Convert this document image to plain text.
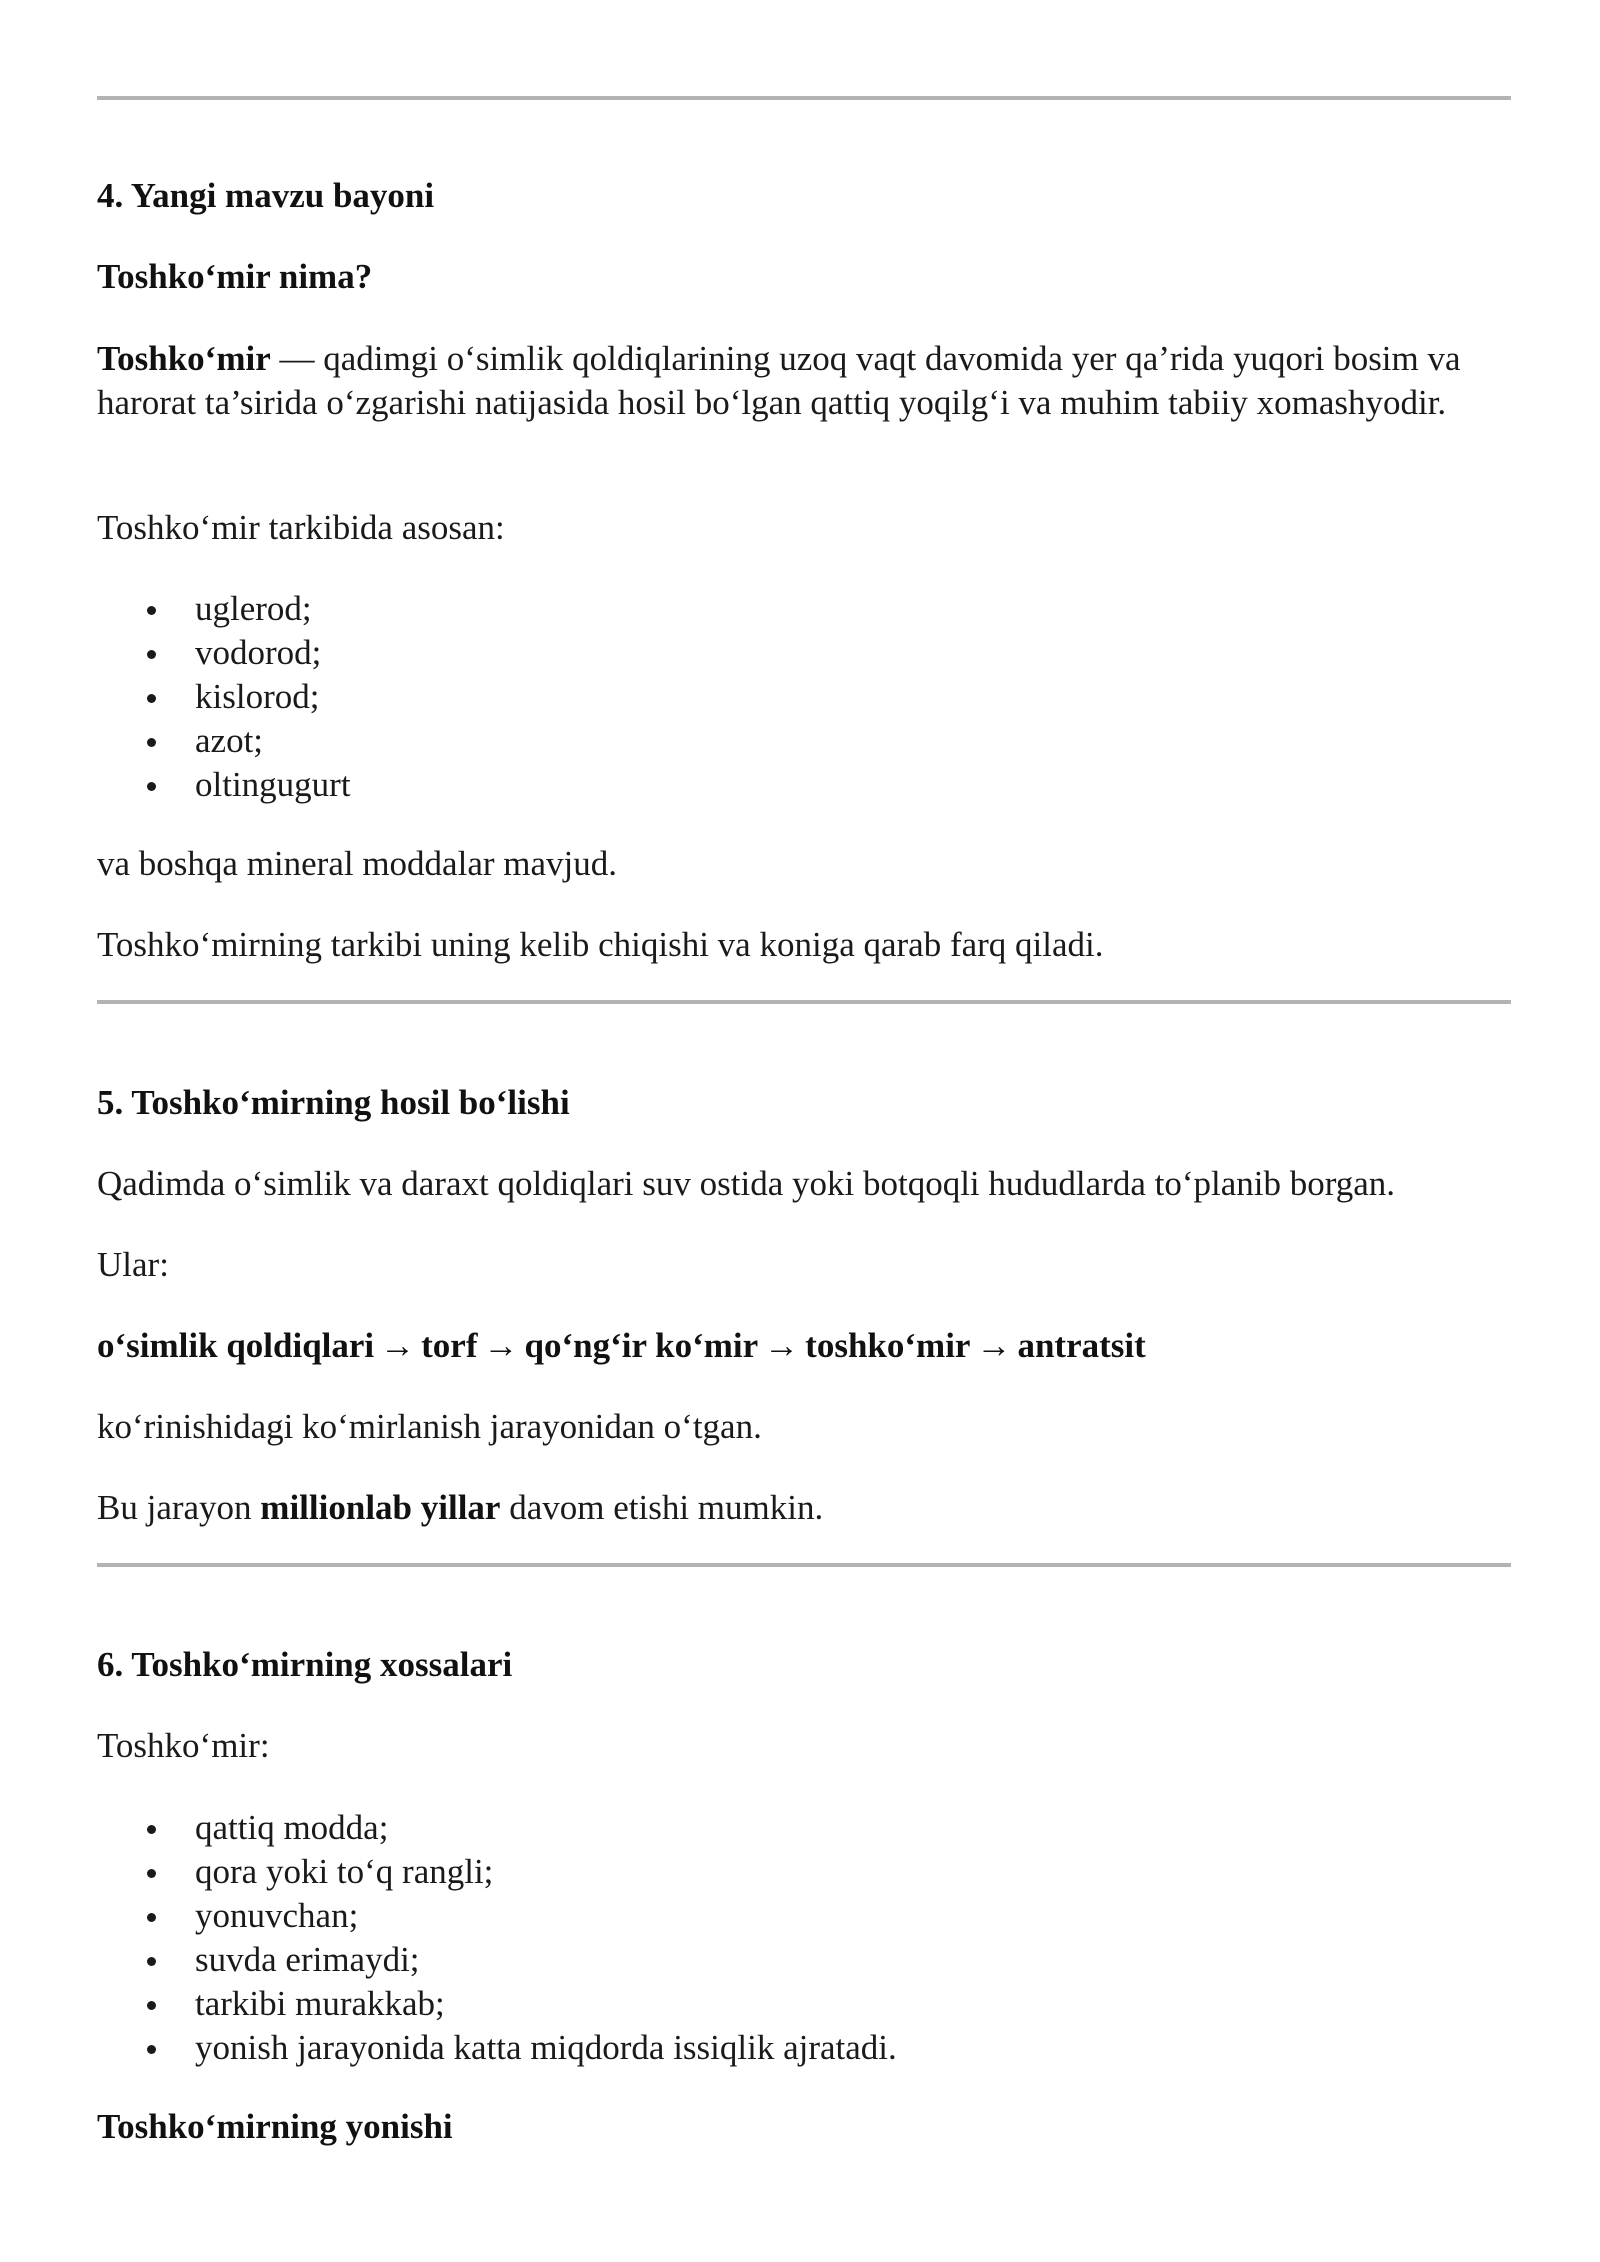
4. Yangi mavzu bayoni
Toshko‘mir nima?
Toshko‘mir — qadimgi o‘simlik qoldiqlarining uzoq vaqt davomida yer qa’rida yuqori bosim va harorat ta’sirida o‘zgarishi natijasida hosil bo‘lgan qattiq yoqilg‘i va muhim tabiiy xomashyodir.
Toshko‘mir tarkibida asosan:
uglerod;
vodorod;
kislorod;
azot;
oltingugurt
va boshqa mineral moddalar mavjud.
Toshko‘mirning tarkibi uning kelib chiqishi va koniga qarab farq qiladi.
5. Toshko‘mirning hosil bo‘lishi
Qadimda o‘simlik va daraxt qoldiqlari suv ostida yoki botqoqli hududlarda to‘planib borgan.
Ular:
o‘simlik qoldiqlari → torf → qo‘ng‘ir ko‘mir → toshko‘mir → antratsit
ko‘rinishidagi ko‘mirlanish jarayonidan o‘tgan.
Bu jarayon millionlab yillar davom etishi mumkin.
6. Toshko‘mirning xossalari
Toshko‘mir:
qattiq modda;
qora yoki to‘q rangli;
yonuvchan;
suvda erimaydi;
tarkibi murakkab;
yonish jarayonida katta miqdorda issiqlik ajratadi.
Toshko‘mirning yonishi
